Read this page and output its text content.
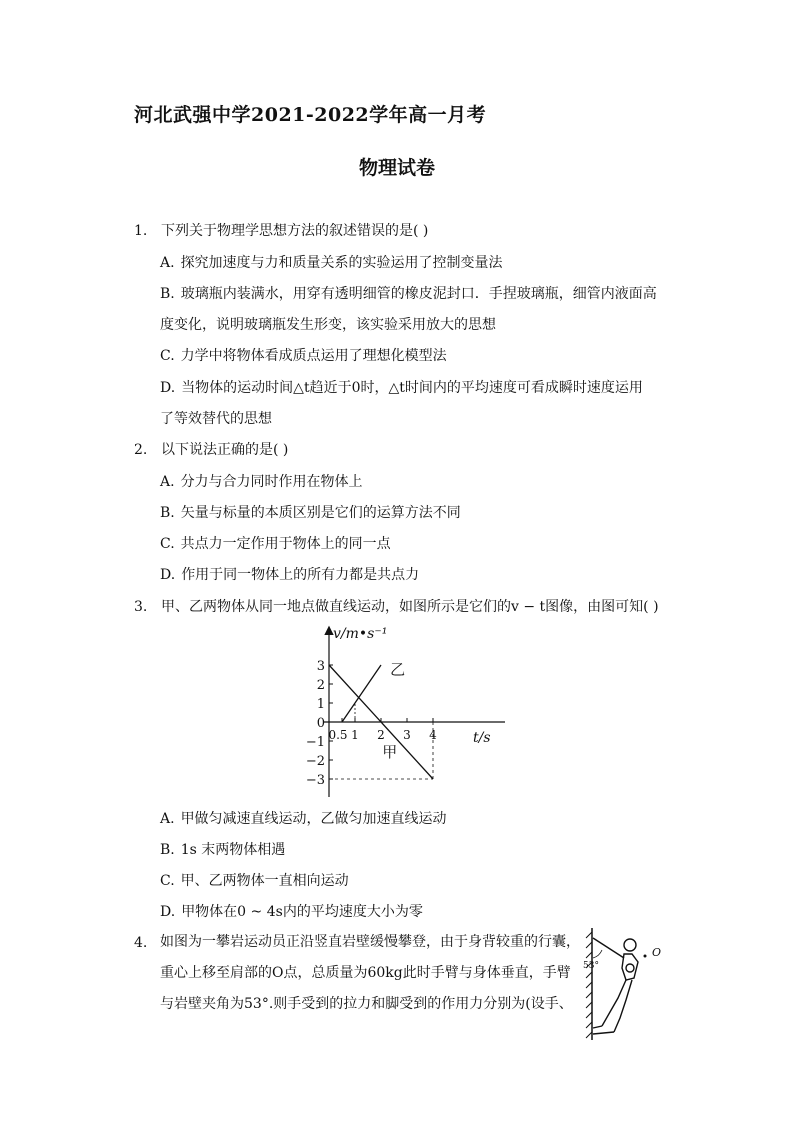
河北武强中学2021-2022学年高一月考
物理试卷
1. 下列关于物理学思想方法的叙述错误的是( )
A. 探究加速度与力和质量关系的实验运用了控制变量法
B. 玻璃瓶内装满水，用穿有透明细管的橡皮泥封口．手捏玻璃瓶，细管内液面高
度变化，说明玻璃瓶发生形变，该实验采用放大的思想
C. 力学中将物体看成质点运用了理想化模型法
D. 当物体的运动时间△t趋近于0时，△t时间内的平均速度可看成瞬时速度运用
了等效替代的思想
2. 以下说法正确的是( )
A. 分力与合力同时作用在物体上
B. 矢量与标量的本质区别是它们的运算方法不同
C. 共点力一定作用于物体上的同一点
D. 作用于同一物体上的所有力都是共点力
3. 甲、乙两物体从同一地点做直线运动，如图所示是它们的v − t图像，由图可知( )
v/m•s⁻¹
t/s
3
2
1
0
−1
−2
−3
0.5 1 2 3 4
乙
甲
A. 甲做匀减速直线运动，乙做匀加速直线运动
B. 1s 末两物体相遇
C. 甲、乙两物体一直相向运动
D. 甲物体在0 ~ 4s内的平均速度大小为零
4. 如图为一攀岩运动员正沿竖直岩壁缓慢攀登，由于身背较重的行囊，
重心上移至肩部的O点，总质量为60kg此时手臂与身体垂直，手臂
与岩壁夹角为53°.则手受到的拉力和脚受到的作用力分别为(设手、
53°
O
